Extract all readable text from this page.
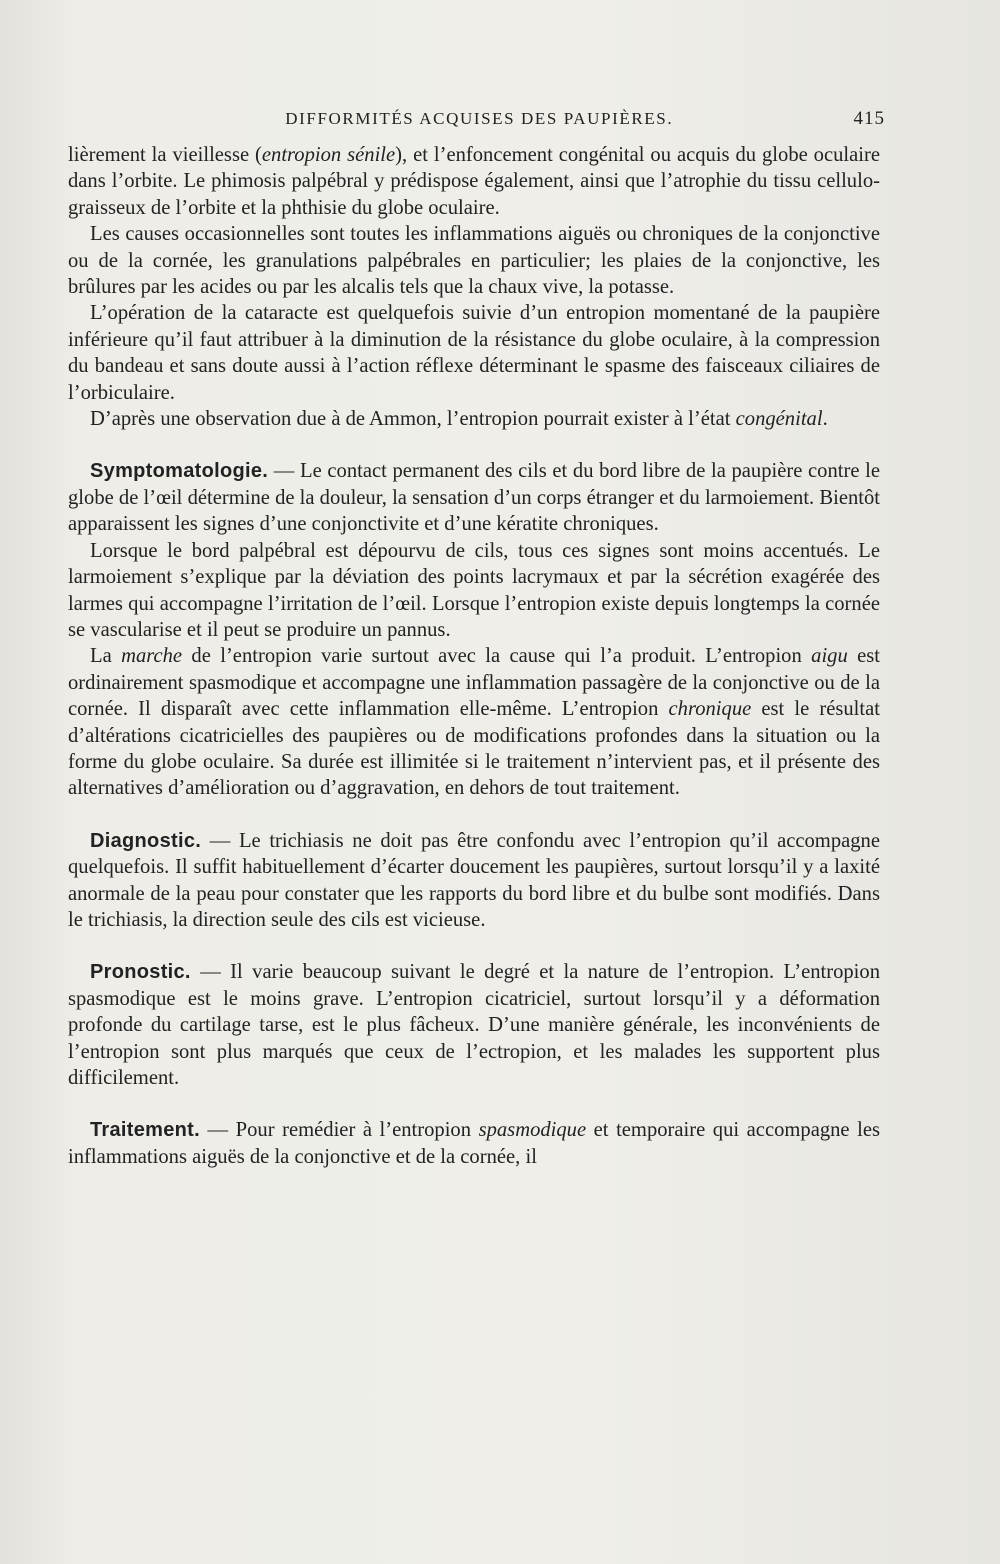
DIFFORMITÉS ACQUISES DES PAUPIÈRES.	415

lièrement la vieillesse (entropion sénile), et l’enfoncement congénital ou acquis du globe oculaire dans l’orbite. Le phimosis palpébral y prédispose également, ainsi que l’atrophie du tissu cellulo-graisseux de l’orbite et la phthisie du globe oculaire.

Les causes occasionnelles sont toutes les inflammations aiguës ou chroniques de la conjonctive ou de la cornée, les granulations palpébrales en particulier; les plaies de la conjonctive, les brûlures par les acides ou par les alcalis tels que la chaux vive, la potasse.

L’opération de la cataracte est quelquefois suivie d’un entropion momentané de la paupière inférieure qu’il faut attribuer à la diminution de la résistance du globe oculaire, à la compression du bandeau et sans doute aussi à l’action réflexe déterminant le spasme des faisceaux ciliaires de l’orbiculaire.

D’après une observation due à de Ammon, l’entropion pourrait exister à l’état congénital.

Symptomatologie. — Le contact permanent des cils et du bord libre de la paupière contre le globe de l’œil détermine de la douleur, la sensation d’un corps étranger et du larmoiement. Bientôt apparaissent les signes d’une conjonctivite et d’une kératite chroniques.

Lorsque le bord palpébral est dépourvu de cils, tous ces signes sont moins accentués. Le larmoiement s’explique par la déviation des points lacrymaux et par la sécrétion exagérée des larmes qui accompagne l’irritation de l’œil. Lorsque l’entropion existe depuis longtemps la cornée se vascularise et il peut se produire un pannus.

La marche de l’entropion varie surtout avec la cause qui l’a produit. L’entropion aigu est ordinairement spasmodique et accompagne une inflammation passagère de la conjonctive ou de la cornée. Il disparaît avec cette inflammation elle-même. L’entropion chronique est le résultat d’altérations cicatricielles des paupières ou de modifications profondes dans la situation ou la forme du globe oculaire. Sa durée est illimitée si le traitement n’intervient pas, et il présente des alternatives d’amélioration ou d’aggravation, en dehors de tout traitement.

Diagnostic. — Le trichiasis ne doit pas être confondu avec l’entropion qu’il accompagne quelquefois. Il suffit habituellement d’écarter doucement les paupières, surtout lorsqu’il y a laxité anormale de la peau pour constater que les rapports du bord libre et du bulbe sont modifiés. Dans le trichiasis, la direction seule des cils est vicieuse.

Pronostic. — Il varie beaucoup suivant le degré et la nature de l’entropion. L’entropion spasmodique est le moins grave. L’entropion cicatriciel, surtout lorsqu’il y a déformation profonde du cartilage tarse, est le plus fâcheux. D’une manière générale, les inconvénients de l’entropion sont plus marqués que ceux de l’ectropion, et les malades les supportent plus difficilement.

Traitement. — Pour remédier à l’entropion spasmodique et temporaire qui accompagne les inflammations aiguës de la conjonctive et de la cornée, il
